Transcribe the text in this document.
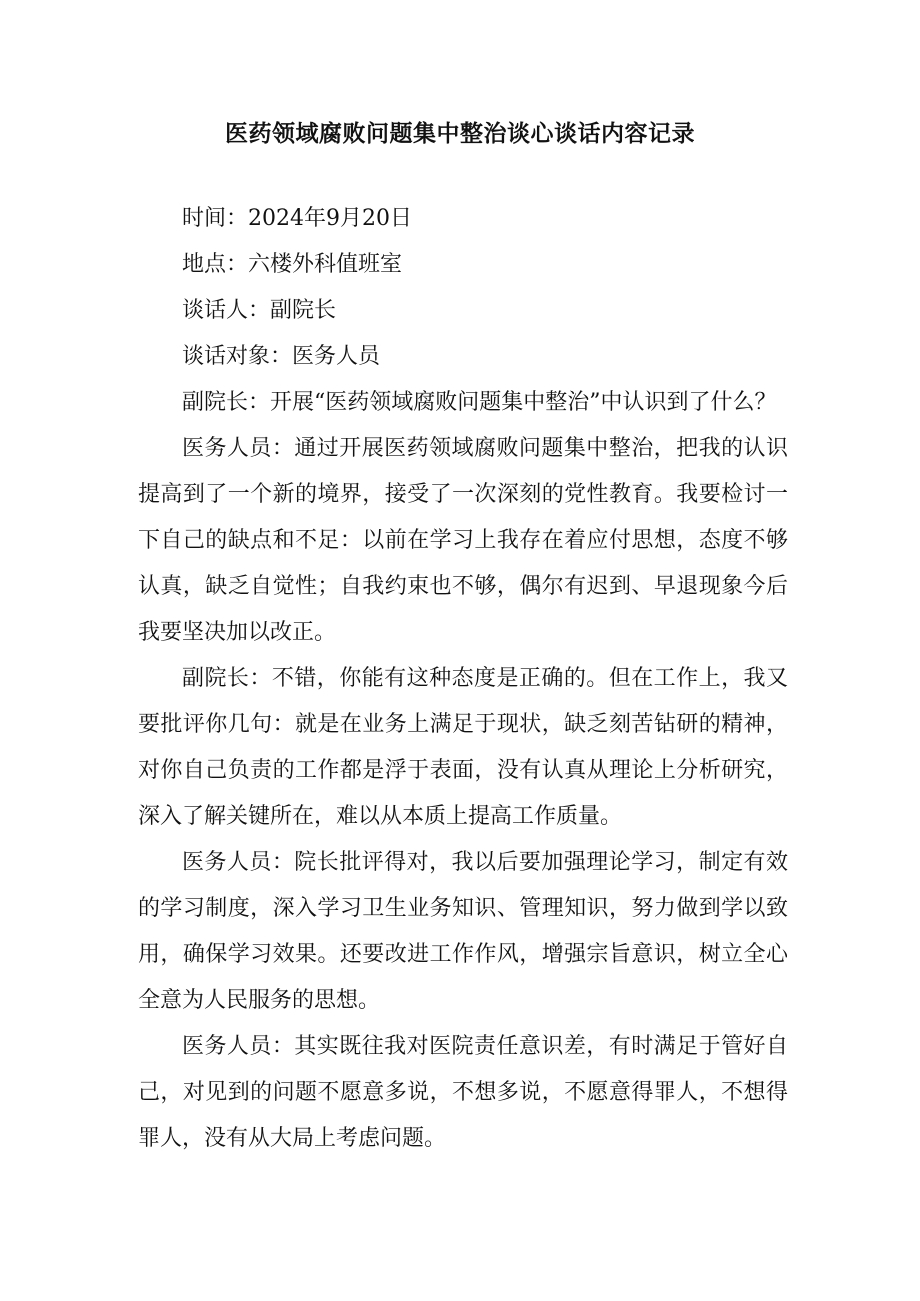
医药领域腐败问题集中整治谈心谈话内容记录

时间：2024年9月20日

地点：六楼外科值班室

谈话人：副院长

谈话对象：医务人员

副院长：开展“医药领域腐败问题集中整治”中认识到了什么？

医务人员：通过开展医药领域腐败问题集中整治，把我的认识提高到了一个新的境界，接受了一次深刻的党性教育。我要检讨一下自己的缺点和不足：以前在学习上我存在着应付思想，态度不够认真，缺乏自觉性；自我约束也不够，偶尔有迟到、早退现象今后我要坚决加以改正。

副院长：不错，你能有这种态度是正确的。但在工作上，我又要批评你几句：就是在业务上满足于现状，缺乏刻苦钻研的精神，对你自己负责的工作都是浮于表面，没有认真从理论上分析研究，深入了解关键所在，难以从本质上提高工作质量。

医务人员：院长批评得对，我以后要加强理论学习，制定有效的学习制度，深入学习卫生业务知识、管理知识，努力做到学以致用，确保学习效果。还要改进工作作风，增强宗旨意识，树立全心全意为人民服务的思想。

医务人员：其实既往我对医院责任意识差，有时满足于管好自己，对见到的问题不愿意多说，不想多说，不愿意得罪人，不想得罪人，没有从大局上考虑问题。
